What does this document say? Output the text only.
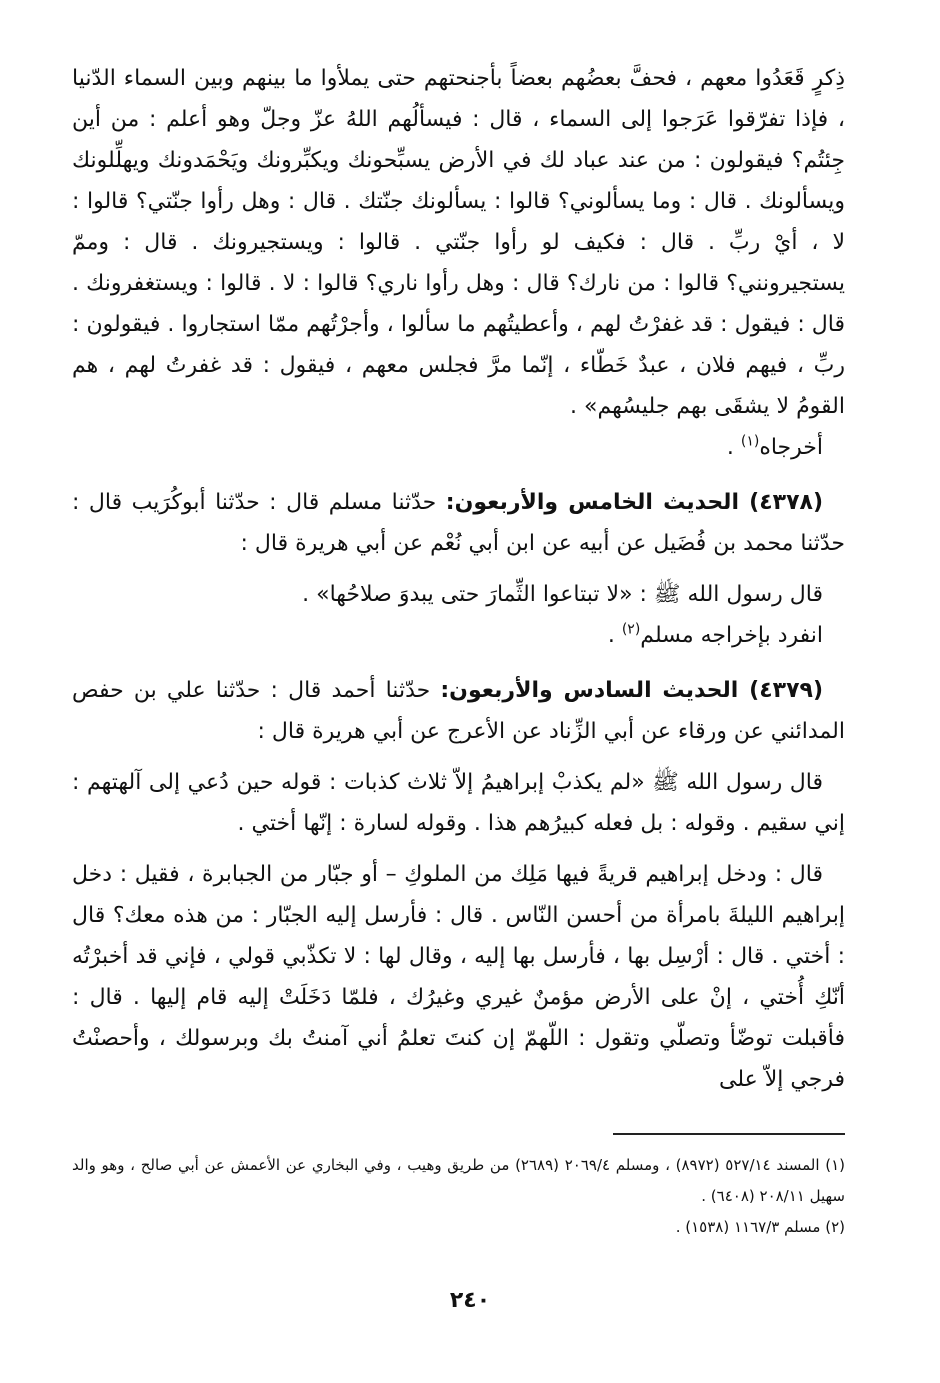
ذِكرٍ قَعَدُوا معهم ، فحفَّ بعضُهم بعضاً بأجنحتهم حتى يملأوا ما بينهم وبين السماء الدّنيا ، فإذا تفرّقوا عَرَجوا إلى السماء ، قال : فيسألُهم اللهُ عزّ وجلّ وهو أعلم : من أين جِئتُم؟ فيقولون : من عند عباد لك في الأرض يسبِّحونك ويكبِّرونك ويَحْمَدونك ويهلِّلونك ويسألونك . قال : وما يسألوني؟ قالوا : يسألونك جنّتك . قال : وهل رأوا جنّتي؟ قالوا : لا ، أيْ ربِّ . قال : فكيف لو رأوا جنّتي . قالوا : ويستجيرونك . قال : وممّ يستجيرونني؟ قالوا : من نارك؟ قال : وهل رأوا ناري؟ قالوا : لا . قالوا : ويستغفرونك . قال : فيقول : قد غفرْتُ لهم ، وأعطيتُهم ما سألوا ، وأجرْتُهم ممّا استجاروا . فيقولون : ربِّ ، فيهم فلان ، عبدٌ خَطّاء ، إنّما مرَّ فجلس معهم ، فيقول : قد غفرتُ لهم ، هم القومُ لا يشقَى بهم جليسُهم» .

أخرجاه$^{(١)}$ .

(٤٣٧٨) الحديث الخامس والأربعون: حدّثنا مسلم قال : حدّثنا أبوكُرَيب قال : حدّثنا محمد بن فُضَيل عن أبيه عن ابن أبي نُعْم عن أبي هريرة قال :

قال رسول الله ﷺ : «لا تبتاعوا الثِّمارَ حتى يبدوَ صلاحُها» .

انفرد بإخراجه مسلم$^{(٢)}$ .

(٤٣٧٩) الحديث السادس والأربعون: حدّثنا أحمد قال : حدّثنا علي بن حفص المدائني عن ورقاء عن أبي الزِّناد عن الأعرج عن أبي هريرة قال :

قال رسول الله ﷺ «لم يكذبْ إبراهيمُ إلاّ ثلاث كذبات : قوله حين دُعي إلى آلهتهم : إني سقيم . وقوله : بل فعله كبيرُهم هذا . وقوله لسارة : إنّها أختي .

قال : ودخل إبراهيم قريةً فيها مَلِك من الملوكِ – أو جبّار من الجبابرة ، فقيل : دخل إبراهيم الليلةَ بامرأة من أحسن النّاس . قال : فأرسل إليه الجبّار : من هذه معك؟ قال : أختي . قال : أرْسِل بها ، فأرسل بها إليه ، وقال لها : لا تكذّبي قولي ، فإني قد أخبرْتُه أنّكِ أُختي ، إنْ على الأرض مؤمنٌ غيري وغيرُك ، فلمّا دَخَلَتْ إليه قام إليها . قال : فأقبلت توضّأ وتصلّي وتقول : اللّهمّ إن كنتَ تعلمُ أني آمنتُ بك وبرسولك ، وأحصنْتُ فرجي إلاّ على

(١) المسند ٥٢٧/١٤ (٨٩٧٢) ، ومسلم ٢٠٦٩/٤ (٢٦٨٩) من طريق وهيب ، وفي البخاري عن الأعمش عن أبي صالح ، وهو والد سهيل ٢٠٨/١١ (٦٤٠٨) .

(٢) مسلم ١١٦٧/٣ (١٥٣٨) .

٢٤٠
